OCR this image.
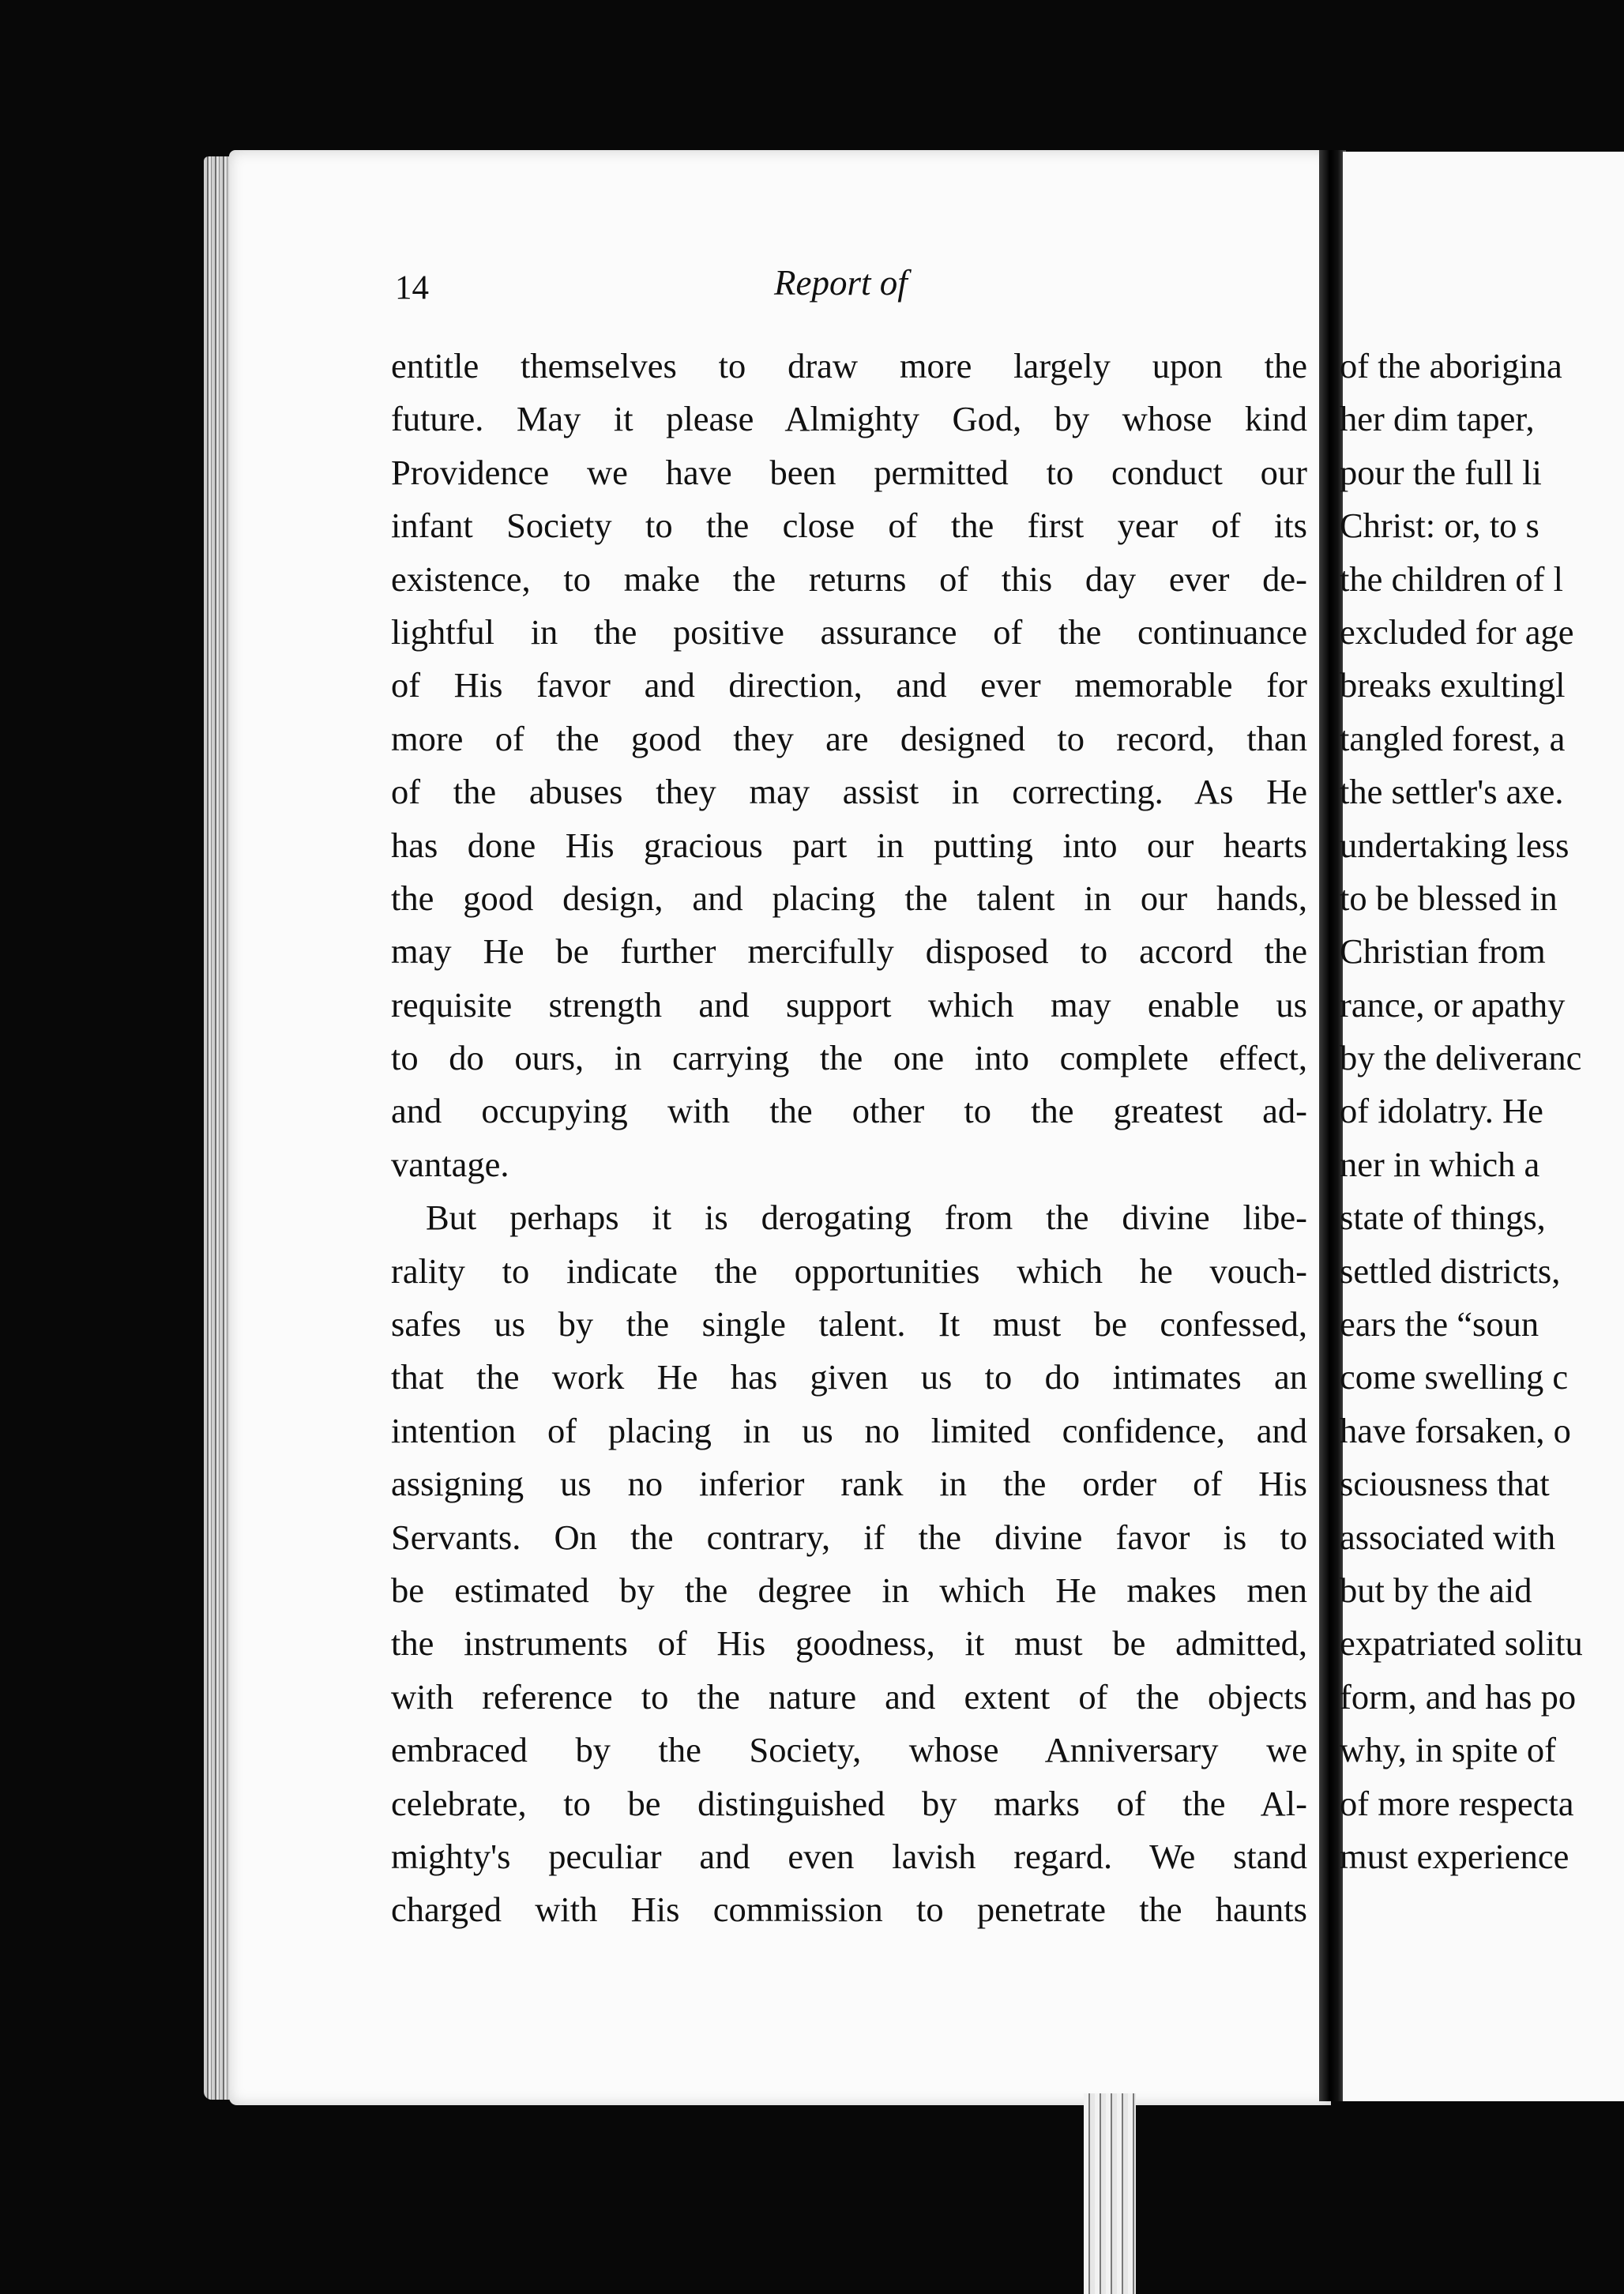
14	Report of
entitle themselves to draw more largely upon the
future. May it please Almighty God, by whose kind
Providence we have been permitted to conduct our
infant Society to the close of the first year of its
existence, to make the returns of this day ever de-
lightful in the positive assurance of the continuance
of His favor and direction, and ever memorable for
more of the good they are designed to record, than
of the abuses they may assist in correcting. As He
has done His gracious part in putting into our hearts
the good design, and placing the talent in our hands,
may He be further mercifully disposed to accord the
requisite strength and support which may enable us
to do ours, in carrying the one into complete effect,
and occupying with the other to the greatest ad-
vantage.
But perhaps it is derogating from the divine libe-
rality to indicate the opportunities which he vouch-
safes us by the single talent. It must be confessed,
that the work He has given us to do intimates an
intention of placing in us no limited confidence, and
assigning us no inferior rank in the order of His
Servants. On the contrary, if the divine favor is to
be estimated by the degree in which He makes men
the instruments of His goodness, it must be admitted,
with reference to the nature and extent of the objects
embraced by the Society, whose Anniversary we
celebrate, to be distinguished by marks of the Al-
mighty's peculiar and even lavish regard. We stand
charged with His commission to penetrate the haunts
of the aborigina
her dim taper,
pour the full li
Christ: or, to s
the children of l
excluded for age
breaks exultingl
tangled forest, a
the settler's axe.
undertaking less
to be blessed in
Christian from
rance, or apathy
by the deliveranc
of idolatry. He
ner in which a
state of things,
settled districts,
ears the “soun
come swelling c
have forsaken, o
sciousness that
associated with
but by the aid
expatriated solitu
form, and has po
why, in spite of
of more respecta
must experience
